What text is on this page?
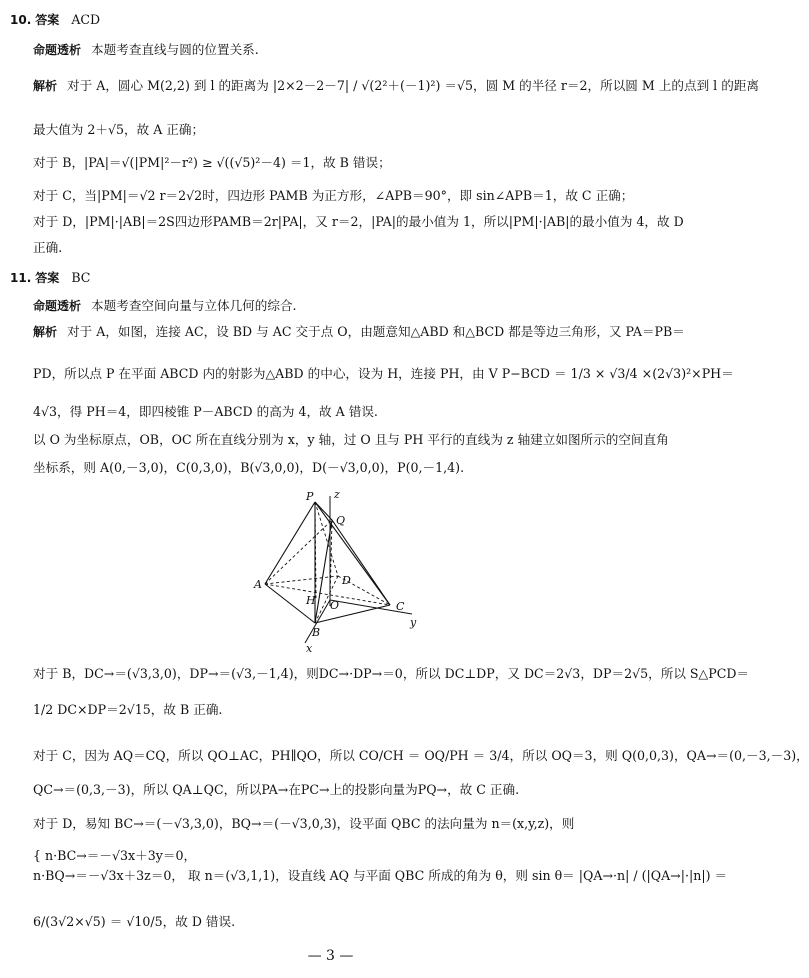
10. 答案 ACD
命题透析 本题考查直线与圆的位置关系.
解析 对于 A，圆心 M(2,2) 到 l 的距离为 |2×2－2－7| / √(2²＋(－1)²) ＝√5，圆 M 的半径 r＝2，所以圆 M 上的点到 l 的距离
最大值为 2＋√5，故 A 正确；
对于 B，|PA|＝√(|PM|²－r²) ≥ √((√5)²－4) ＝1，故 B 错误；
对于 C，当|PM|＝√2 r＝2√2时，四边形 PAMB 为正方形，∠APB＝90°，即 sin∠APB＝1，故 C 正确；
对于 D，|PM|·|AB|＝2S四边形PAMB＝2r|PA|，又 r＝2，|PA|的最小值为 1，所以|PM|·|AB|的最小值为 4，故 D
正确.
11. 答案 BC
命题透析 本题考查空间向量与立体几何的综合.
解析 对于 A，如图，连接 AC，设 BD 与 AC 交于点 O，由题意知△ABD 和△BCD 都是等边三角形，又 PA＝PB＝
PD，所以点 P 在平面 ABCD 内的射影为△ABD 的中心，设为 H，连接 PH，由 V P−BCD ＝ 1/3 × √3/4 ×(2√3)²×PH＝
4√3，得 PH＝4，即四棱锥 P－ABCD 的高为 4，故 A 错误.
以 O 为坐标原点，OB，OC 所在直线分别为 x，y 轴，过 O 且与 PH 平行的直线为 z 轴建立如图所示的空间直角
坐标系，则 A(0,－3,0)，C(0,3,0)，B(√3,0,0)，D(－√3,0,0)，P(0,－1,4).
P
Q
A
B
C
D
H O
x
y
z
对于 B，DC→＝(√3,3,0)，DP→＝(√3,－1,4)，则DC→·DP→＝0，所以 DC⊥DP，又 DC＝2√3，DP＝2√5，所以 S△PCD＝
1/2 DC×DP＝2√15，故 B 正确.
对于 C，因为 AQ＝CQ，所以 QO⊥AC，PH∥QO，所以 CO/CH ＝ OQ/PH ＝ 3/4，所以 OQ＝3，则 Q(0,0,3)，QA→＝(0,－3,－3)，
QC→＝(0,3,－3)，所以 QA⊥QC，所以PA→在PC→上的投影向量为PQ→，故 C 正确.
对于 D，易知 BC→＝(－√3,3,0)，BQ→＝(－√3,0,3)，设平面 QBC 的法向量为 n＝(x,y,z)，则
{ n·BC→＝－√3x＋3y＝0，
n·BQ→＝－√3x＋3z＝0， 取 n＝(√3,1,1)，设直线 AQ 与平面 QBC 所成的角为 θ，则 sin θ＝ |QA→·n| / (|QA→|·|n|) ＝
6/(3√2×√5) ＝ √10/5，故 D 错误.
— 3 —
